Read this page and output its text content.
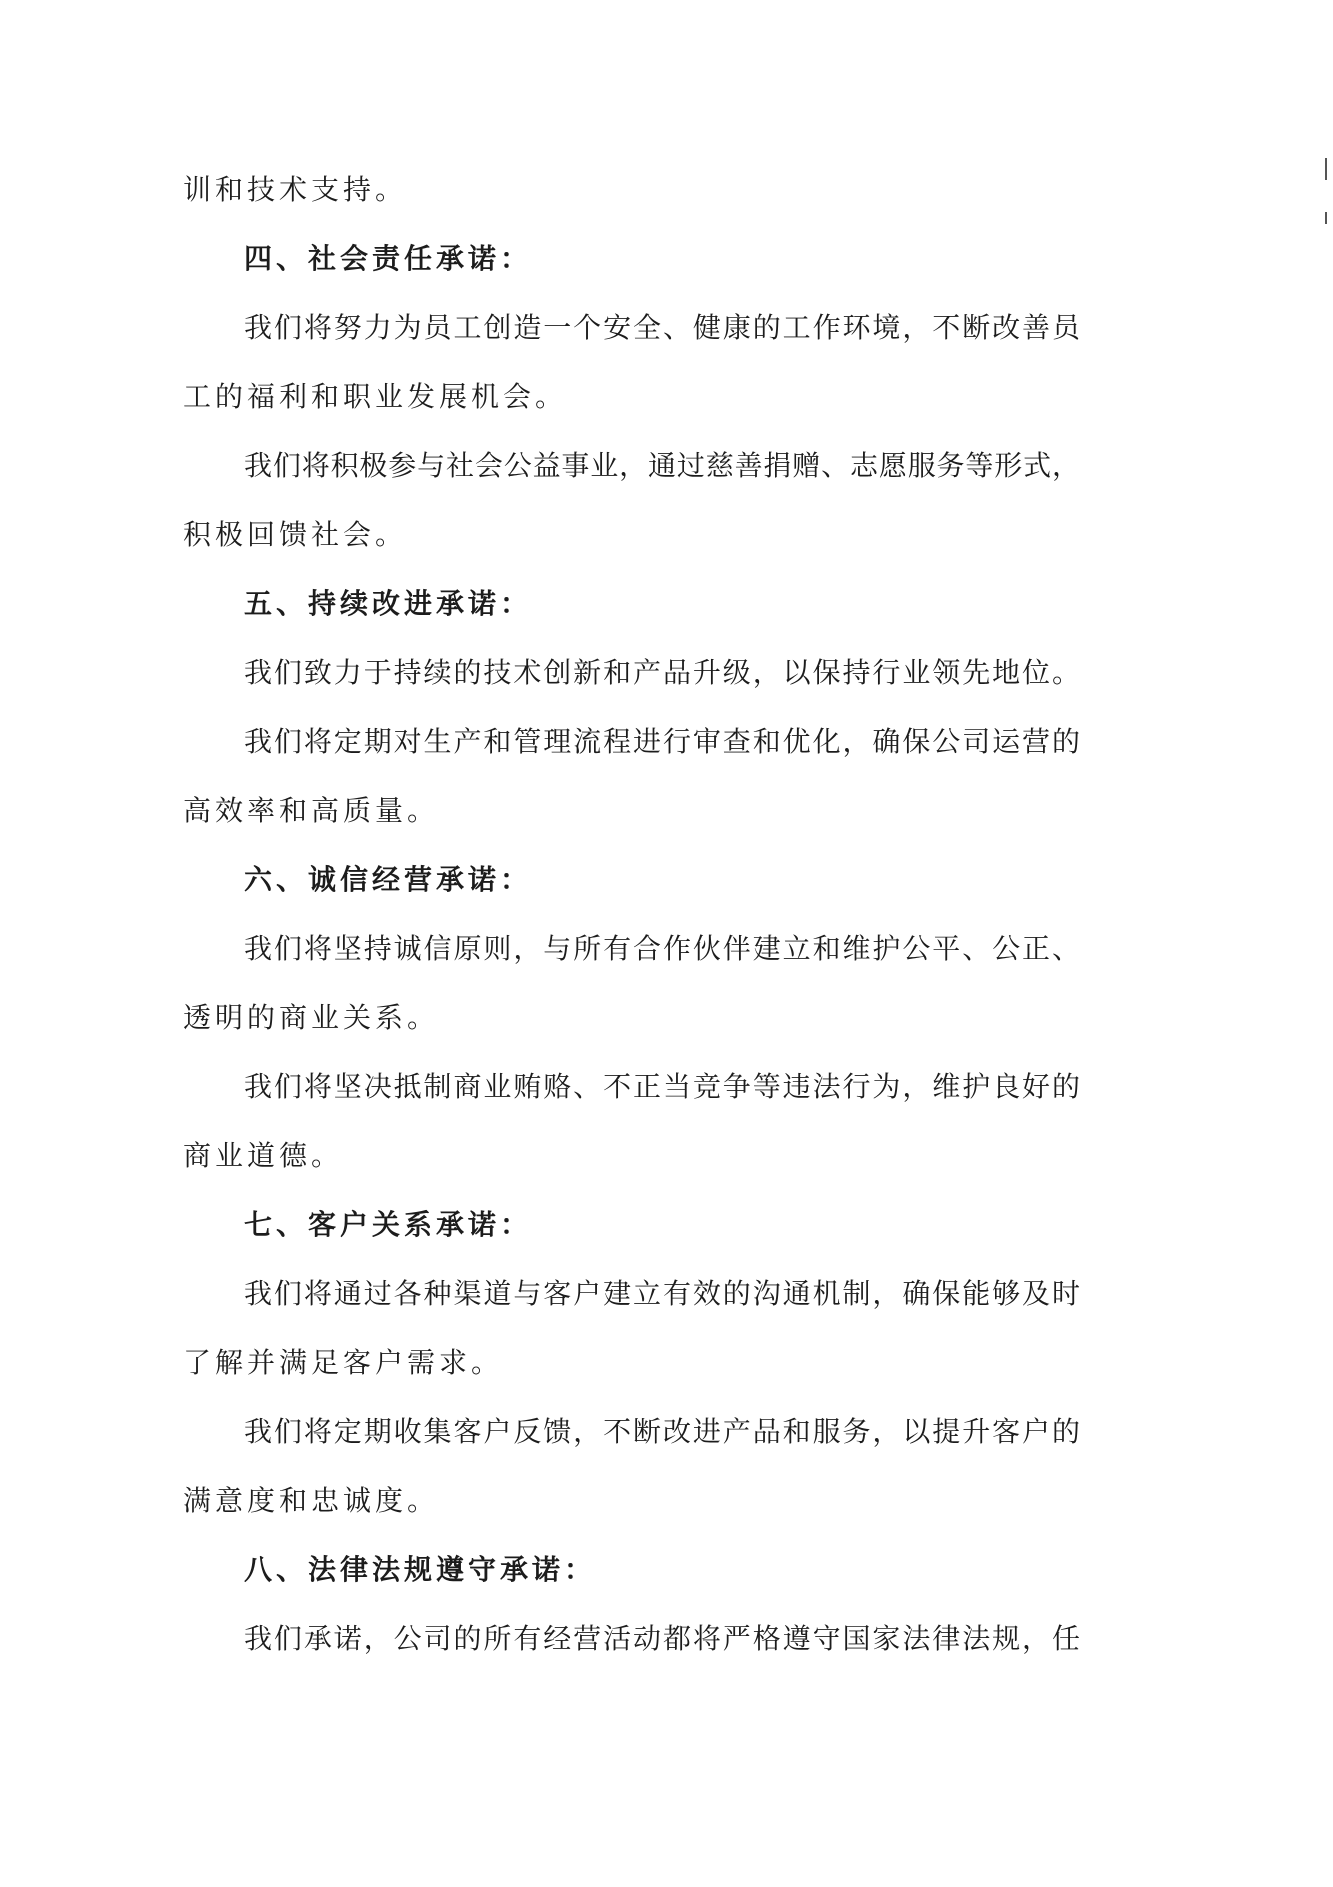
训和技术支持。
四、社会责任承诺：
我们将努力为员工创造一个安全、健康的工作环境，不断改善员
工的福利和职业发展机会。
我们将积极参与社会公益事业，通过慈善捐赠、志愿服务等形式，
积极回馈社会。
五、持续改进承诺：
我们致力于持续的技术创新和产品升级，以保持行业领先地位。
我们将定期对生产和管理流程进行审查和优化，确保公司运营的
高效率和高质量。
六、诚信经营承诺：
我们将坚持诚信原则，与所有合作伙伴建立和维护公平、公正、
透明的商业关系。
我们将坚决抵制商业贿赂、不正当竞争等违法行为，维护良好的
商业道德。
七、客户关系承诺：
我们将通过各种渠道与客户建立有效的沟通机制，确保能够及时
了解并满足客户需求。
我们将定期收集客户反馈，不断改进产品和服务，以提升客户的
满意度和忠诚度。
八、法律法规遵守承诺：
我们承诺，公司的所有经营活动都将严格遵守国家法律法规，任
